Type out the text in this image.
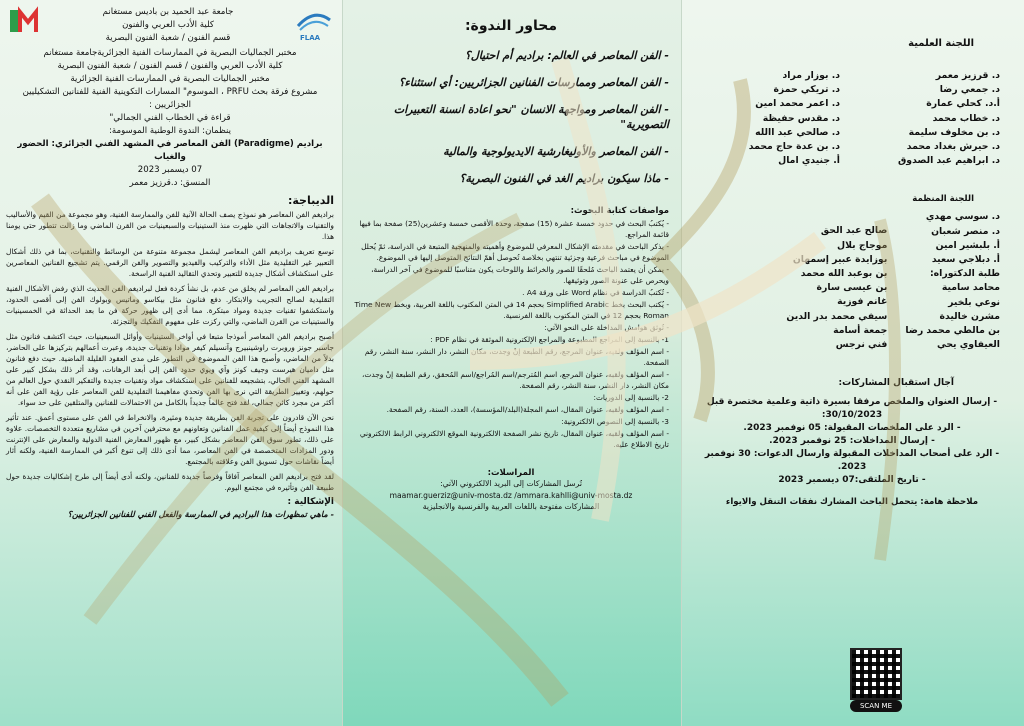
FLAA
جامعة عبد الحميد بن باديس مستغانم
كلية الأدب العربي والفنون
قسم الفنون / شعبة الفنون البصرية
مختبر الجماليات البصرية في الممارسات الفنية الجزائريةجامعة مستغانم
كلية الأدب العربي والفنون / قسم الفنون / شعبة الفنون البصرية
مختبر الجماليات البصرية في الممارسات الفنية الجزائرية
مشروع فرقة بحث PRFU ، الموسوم" المسارات التكوينية الفنية للفنانين التشكيليين الجزائريين :
قراءة في الخطاب الفني الجمالي"
ينظمان: الندوة الوطنية الموسومة:
براديم (Paradigme) الفن المعاصر في المشهد الفني الجزائري: الحضور والغياب
07 ديسمبر 2023
المنسق: د.قرزيز معمر
الديباجة:

براديغم الفن المعاصر هو نموذج يصف الحالة الآنية للفن والممارسة الفنية، وهو مجموعة من القيم والأساليب والتقنيات والاتجاهات التي ظهرت منذ الستينيات والسبعينيات من القرن الماضي وما زالت تتطور حتى يومنا هذا.

توسع تعريف براديغم الفن المعاصر ليشمل مجموعة متنوعة من الوسائط والتقنيات، بما في ذلك أشكال التعبير غير التقليدية مثل الأداء والتركيب والفيديو والتصوير والفن الرقمي. يتم تشجيع الفنانين المعاصرين على استكشاف أشكال جديدة للتعبير وتحدي التقاليد الفنية الراسخة.

براديغم الفن المعاصر لم يخلق من عدم، بل نشأ كردة فعل لبراديغم الفن الحديث الذي رفض الأشكال الفنية التقليدية لصالح التجريب والابتكار. دفع فنانون مثل بيكاسو وماتيس وبولوك الفن إلى أقصى الحدود، واستكشفوا تقنيات جديدة ومواد مبتكرة. مما أدى إلى ظهور حركة فن ما بعد الحداثة في الخمسينيات والستينيات من القرن الماضي، والتي ركزت على مفهوم التفكيك والتجزئة.

أصبح براديغم الفن المعاصر أموذجا متبعا في أواخر الستينيات وأوائل السبعينيات، حيث اكتشف فنانون مثل جاسبر جونز وروبرت راوشينبيرج وآنسيلم كيفر موادا وتقنيات جديدة، وعبرت أعمالهم بتركيزها على الحاضر، بدلاً من الماضي، وأصبح هذا الفن المموضوع في التطور على مدى العقود القليلة الماضية. حيث دفع فنانون مثل داميان هيرست وجيف كونز وآي ويوي حدود الفن إلى أبعد الرهانات، وقد أثر ذلك بشكل كبير على المشهد الفني الحالي، بتشجيعه للفنانين على استكشاف مواد وتقنيات جديدة والتفكير النقدي حول العالم من حولهم، وتغيير الطريقة التي نرى بها الفن وتحدي مفاهيمنا التقليدية للفن المعاصر على رؤية الفن على أنه أكثر من مجرد كائن جمالي، لقد فتح عالماً جديداً بالكامل من الاحتمالات للفنانين والمتلقين على حد سواء.

نحن الآن قادرون على تجربة الفن بطريقة جديدة ومثيرة، والانخراط في الفن على مستوى أعمق. عند تأثير هذا النموذج أيضاً إلى كيفية عمل الفنانين وتعاونهم مع محترفين آخرين في مشاريع متعددة التخصصات. علاوة على ذلك، تطور سوق الفن المعاصر بشكل كبير، مع ظهور المعارض الفنية الدولية والمعارض على الإنترنت ودور المزادات المتخصصة في الفن المعاصر، مما أدى ذلك إلى تنوع أكبر في الممارسة الفنية، ولكنه أثار أيضاً نقاشات حول تسويق الفن وعلاقته بالمجتمع.

لقد فتح براديغم الفن المعاصر آفاقاً وفرصاً جديدة للفنانين، ولكنه أدى أيضاً إلى طرح إشكاليات جديدة حول طبيعة الفن وتأثيره في مجتمع اليوم.

الإشكالية :
- ماهي تمظهرات هذا البراديم في الممارسة والفعل الفني للفنانين الجزائريين؟
محاور الندوة:
- الفن المعاصر في العالم: براديم أم احتيال؟
- الفن المعاصر وممارسات الفنانين الجزائريين: أي استثناء؟
- الفن المعاصر ومواجهة الانسان "نحو اعادة انسنة التعبيرات التصويرية"
- الفن المعاصر والأوليغارشية الايديولوجية والمالية
- ماذا سيكون براديم الغد في الفنون البصرية؟
مواصفات كتابة البحوث:
- يُكتبُ البحث في حدود خمسة عشرة (15) صفحة، وحدة الأقصى خمسة وعشرين(25) صفحة بما فيها قائمة المراجع.
- يذكر الباحث في مقدمته الإشكال المعرفي للموضوع وأهميته والمنهجية المتبعة في الدراسة، ثمّ يُحلل الموضوع في مباحث فرعية وجزئية تنتهي بخلاصة تُحوصل أهمّ النتائج المتوصل إليها في الموضوع.
- يمكن أن يعتمد الباحث مُلحقًا للصور والخرائط واللوحات يكون متناسبًا للموضوع في آخر الدراسة، ويحرص على عنونة الصور وتوثيقها.
- تُكتبُ الدراسة في نظام Word على ورقة A4 .
- يُكتب البحث بخط Simplified Arabic بحجم 14 في المتن المكتوب باللغة العربية، وبخط Time New Roman بحجم 12 في المتن المكتوب باللغة الفرنسية.
- تُوثق هوامش المداخلة على النحو الآتي:
1- بالنسبة إلى المراجع المطبوعة والمراجع الإلكترونية الموثقة في نظام PDF :
- اسم المؤلف ولقبه، عنوان المرجع، رقم الطبعة إنْ وجدت، مكان النشر، دار النشر، سنة النشر، رقم الصفحة.
- اسم المؤلف ولقبه، عنوان المرجع، اسم المُترجم/اسم المُراجع/اسم المُحقق، رقم الطبعة إنْ وجدت، مكان النشر، دار النشر، سنة النشر، رقم الصفحة.
2- بالنسبة إلى الدوريات:
- اسم المؤلف ولقبه، عنوان المقال، اسم المجلة(البلد/المؤسسة)، العدد، السنة، رقم الصفحة.
3- بالنسبة إلى النصوص الالكترونية:
- اسم المؤلف ولقبه، عنوان المقال، تاريخ نشر الصفحة الالكترونية الموقع الالكتروني الرابط الالكتروني تاريخ الاطلاع عليه.
المراسلات:
تُرسل المشاركات إلى البريد الالكتروني الآتي:
maamar.guerziz@univ-mosta.dz /ammara.kahlli@univ-mosta.dz
المشاركات مفتوحة باللغات العربية والفرنسية والانجليزية
اللجنة العلمية
د. قرزيز معمر
د. بوزار مراد
د. جمعي رضا
د. تريكي حمزة
أ.د. كحلي عمارة
د. اعمر محمد امين
د. خطاب محمد
د. مقدس حفيظة
د. بن مخلوف سليمة
د. صالحي عبد االله
د. حيرش بغداد محمد
د. بن عدة حاج محمد
د. ابراهيم عبد الصدوق
أ. جنيدي امال
اللجنة المنظمة
د. سوسي مهدي
د. منصر شعبان
أ. بلبشير امين
أ. دبلاجي سعيد
طلبة الدكتوراه:
محامد سامية
نوعي بلخير
مشرن خاليدة
بن مالطي محمد رضا
العيفاوي يحي
صالح عبد الحق
موجاج بلال
بوزايدة عبير إسمهان
بن بوعبد الله محمد
بن عيسى سارة
غانم فوزية
سيفي محمد بدر الدين
جمعة أسامة
فني نرجس
آجال استقبال المشاركات:
- إرسال العنوان والملخص مرفقا بسيرة ذاتية وعلمية مختصرة قبل 30/10/2023:
- الرد على الملخصات المقبولة: 05 نوفمبر 2023.
- إرسال المداخلات: 25 نوفمبر 2023.
- الرد على أصحاب المداخلات المقبولة وارسال الدعوات: 30 نوفمبر 2023.
- تاريخ الملتقى:07 ديسمبر 2023
ملاحظة هامة: يتحمل الباحث المشارك نفقات التنقل والايواء
SCAN ME
